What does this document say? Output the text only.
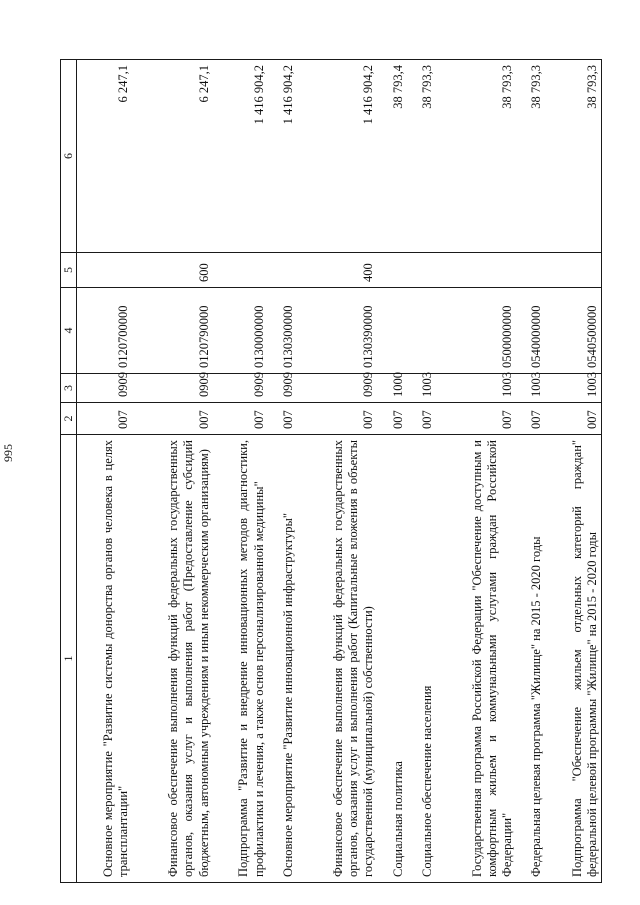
995
1	2	3	4	5	6
Основное мероприятие "Развитие системы донорства органов человека в целях трансплантации"	007	0909	0120700000		6 247,1
Финансовое обеспечение выполнения функций федеральных государственных органов, оказания услуг и выполнения работ (Предоставление субсидий бюджетным, автономным учреждениям и иным некоммерческим организациям)	007	0909	0120790000	600	6 247,1
Подпрограмма "Развитие и внедрение инновационных методов диагностики, профилактики и лечения, а также основ персонализированной медицины"	007	0909	0130000000		1 416 904,2
Основное мероприятие "Развитие инновационной инфраструктуры"	007	0909	0130300000		1 416 904,2
Финансовое обеспечение выполнения функций федеральных государственных органов, оказания услуг и выполнения работ (Капитальные вложения в объекты государственной (муниципальной) собственности)	007	0909	0130390000	400	1 416 904,2
Социальная политика	007	1000			38 793,4
Социальное обеспечение населения	007	1003			38 793,3
Государственная программа Российской Федерации "Обеспечение доступным и комфортным жильем и коммунальными услугами граждан Российской Федерации"	007	1003	0500000000		38 793,3
Федеральная целевая программа "Жилище" на 2015 - 2020 годы	007	1003	0540000000		38 793,3
Подпрограмма "Обеспечение жильем отдельных категорий граждан" федеральной целевой программы "Жилище" на 2015 - 2020 годы	007	1003	0540500000		38 793,3
